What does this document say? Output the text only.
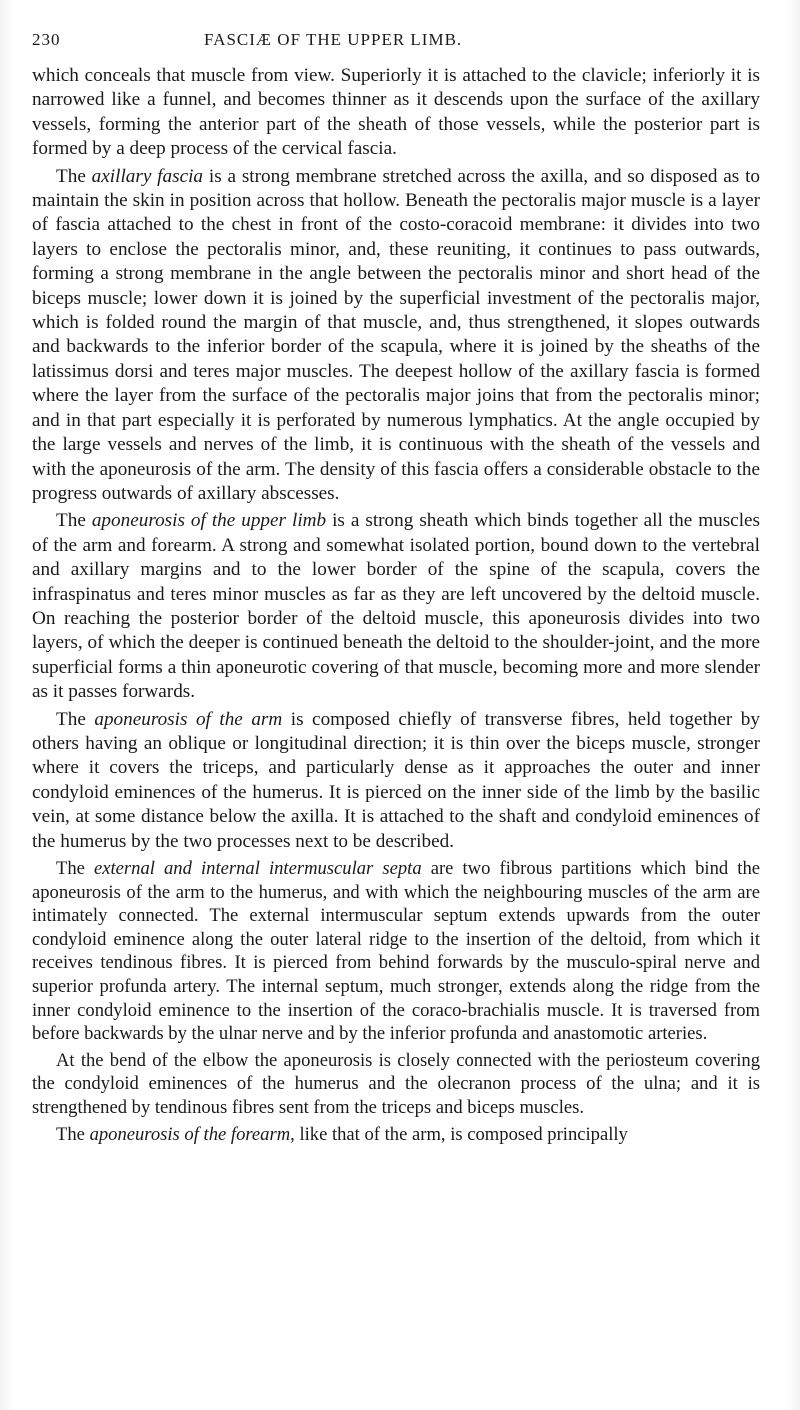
230	FASCIÆ OF THE UPPER LIMB.

which conceals that muscle from view. Superiorly it is attached to the clavicle; inferiorly it is narrowed like a funnel, and becomes thinner as it descends upon the surface of the axillary vessels, forming the anterior part of the sheath of those vessels, while the posterior part is formed by a deep process of the cervical fascia.

The axillary fascia is a strong membrane stretched across the axilla, and so disposed as to maintain the skin in position across that hollow. Beneath the pectoralis major muscle is a layer of fascia attached to the chest in front of the costo-coracoid membrane: it divides into two layers to enclose the pectoralis minor, and, these reuniting, it continues to pass outwards, forming a strong membrane in the angle between the pectoralis minor and short head of the biceps muscle; lower down it is joined by the superficial investment of the pectoralis major, which is folded round the margin of that muscle, and, thus strengthened, it slopes outwards and backwards to the inferior border of the scapula, where it is joined by the sheaths of the latissimus dorsi and teres major muscles. The deepest hollow of the axillary fascia is formed where the layer from the surface of the pectoralis major joins that from the pectoralis minor; and in that part especially it is perforated by numerous lymphatics. At the angle occupied by the large vessels and nerves of the limb, it is continuous with the sheath of the vessels and with the aponeurosis of the arm. The density of this fascia offers a considerable obstacle to the progress outwards of axillary abscesses.

The aponeurosis of the upper limb is a strong sheath which binds together all the muscles of the arm and forearm. A strong and somewhat isolated portion, bound down to the vertebral and axillary margins and to the lower border of the spine of the scapula, covers the infraspinatus and teres minor muscles as far as they are left uncovered by the deltoid muscle. On reaching the posterior border of the deltoid muscle, this aponeurosis divides into two layers, of which the deeper is continued beneath the deltoid to the shoulder-joint, and the more superficial forms a thin aponeurotic covering of that muscle, becoming more and more slender as it passes forwards.

The aponeurosis of the arm is composed chiefly of transverse fibres, held together by others having an oblique or longitudinal direction; it is thin over the biceps muscle, stronger where it covers the triceps, and particularly dense as it approaches the outer and inner condyloid eminences of the humerus. It is pierced on the inner side of the limb by the basilic vein, at some distance below the axilla. It is attached to the shaft and condyloid eminences of the humerus by the two processes next to be described.

The external and internal intermuscular septa are two fibrous partitions which bind the aponeurosis of the arm to the humerus, and with which the neighbouring muscles of the arm are intimately connected. The external intermuscular septum extends upwards from the outer condyloid eminence along the outer lateral ridge to the insertion of the deltoid, from which it receives tendinous fibres. It is pierced from behind forwards by the musculo-spiral nerve and superior profunda artery. The internal septum, much stronger, extends along the ridge from the inner condyloid eminence to the insertion of the coraco-brachialis muscle. It is traversed from before backwards by the ulnar nerve and by the inferior profunda and anastomotic arteries.

At the bend of the elbow the aponeurosis is closely connected with the periosteum covering the condyloid eminences of the humerus and the olecranon process of the ulna; and it is strengthened by tendinous fibres sent from the triceps and biceps muscles.

The aponeurosis of the forearm, like that of the arm, is composed principally
